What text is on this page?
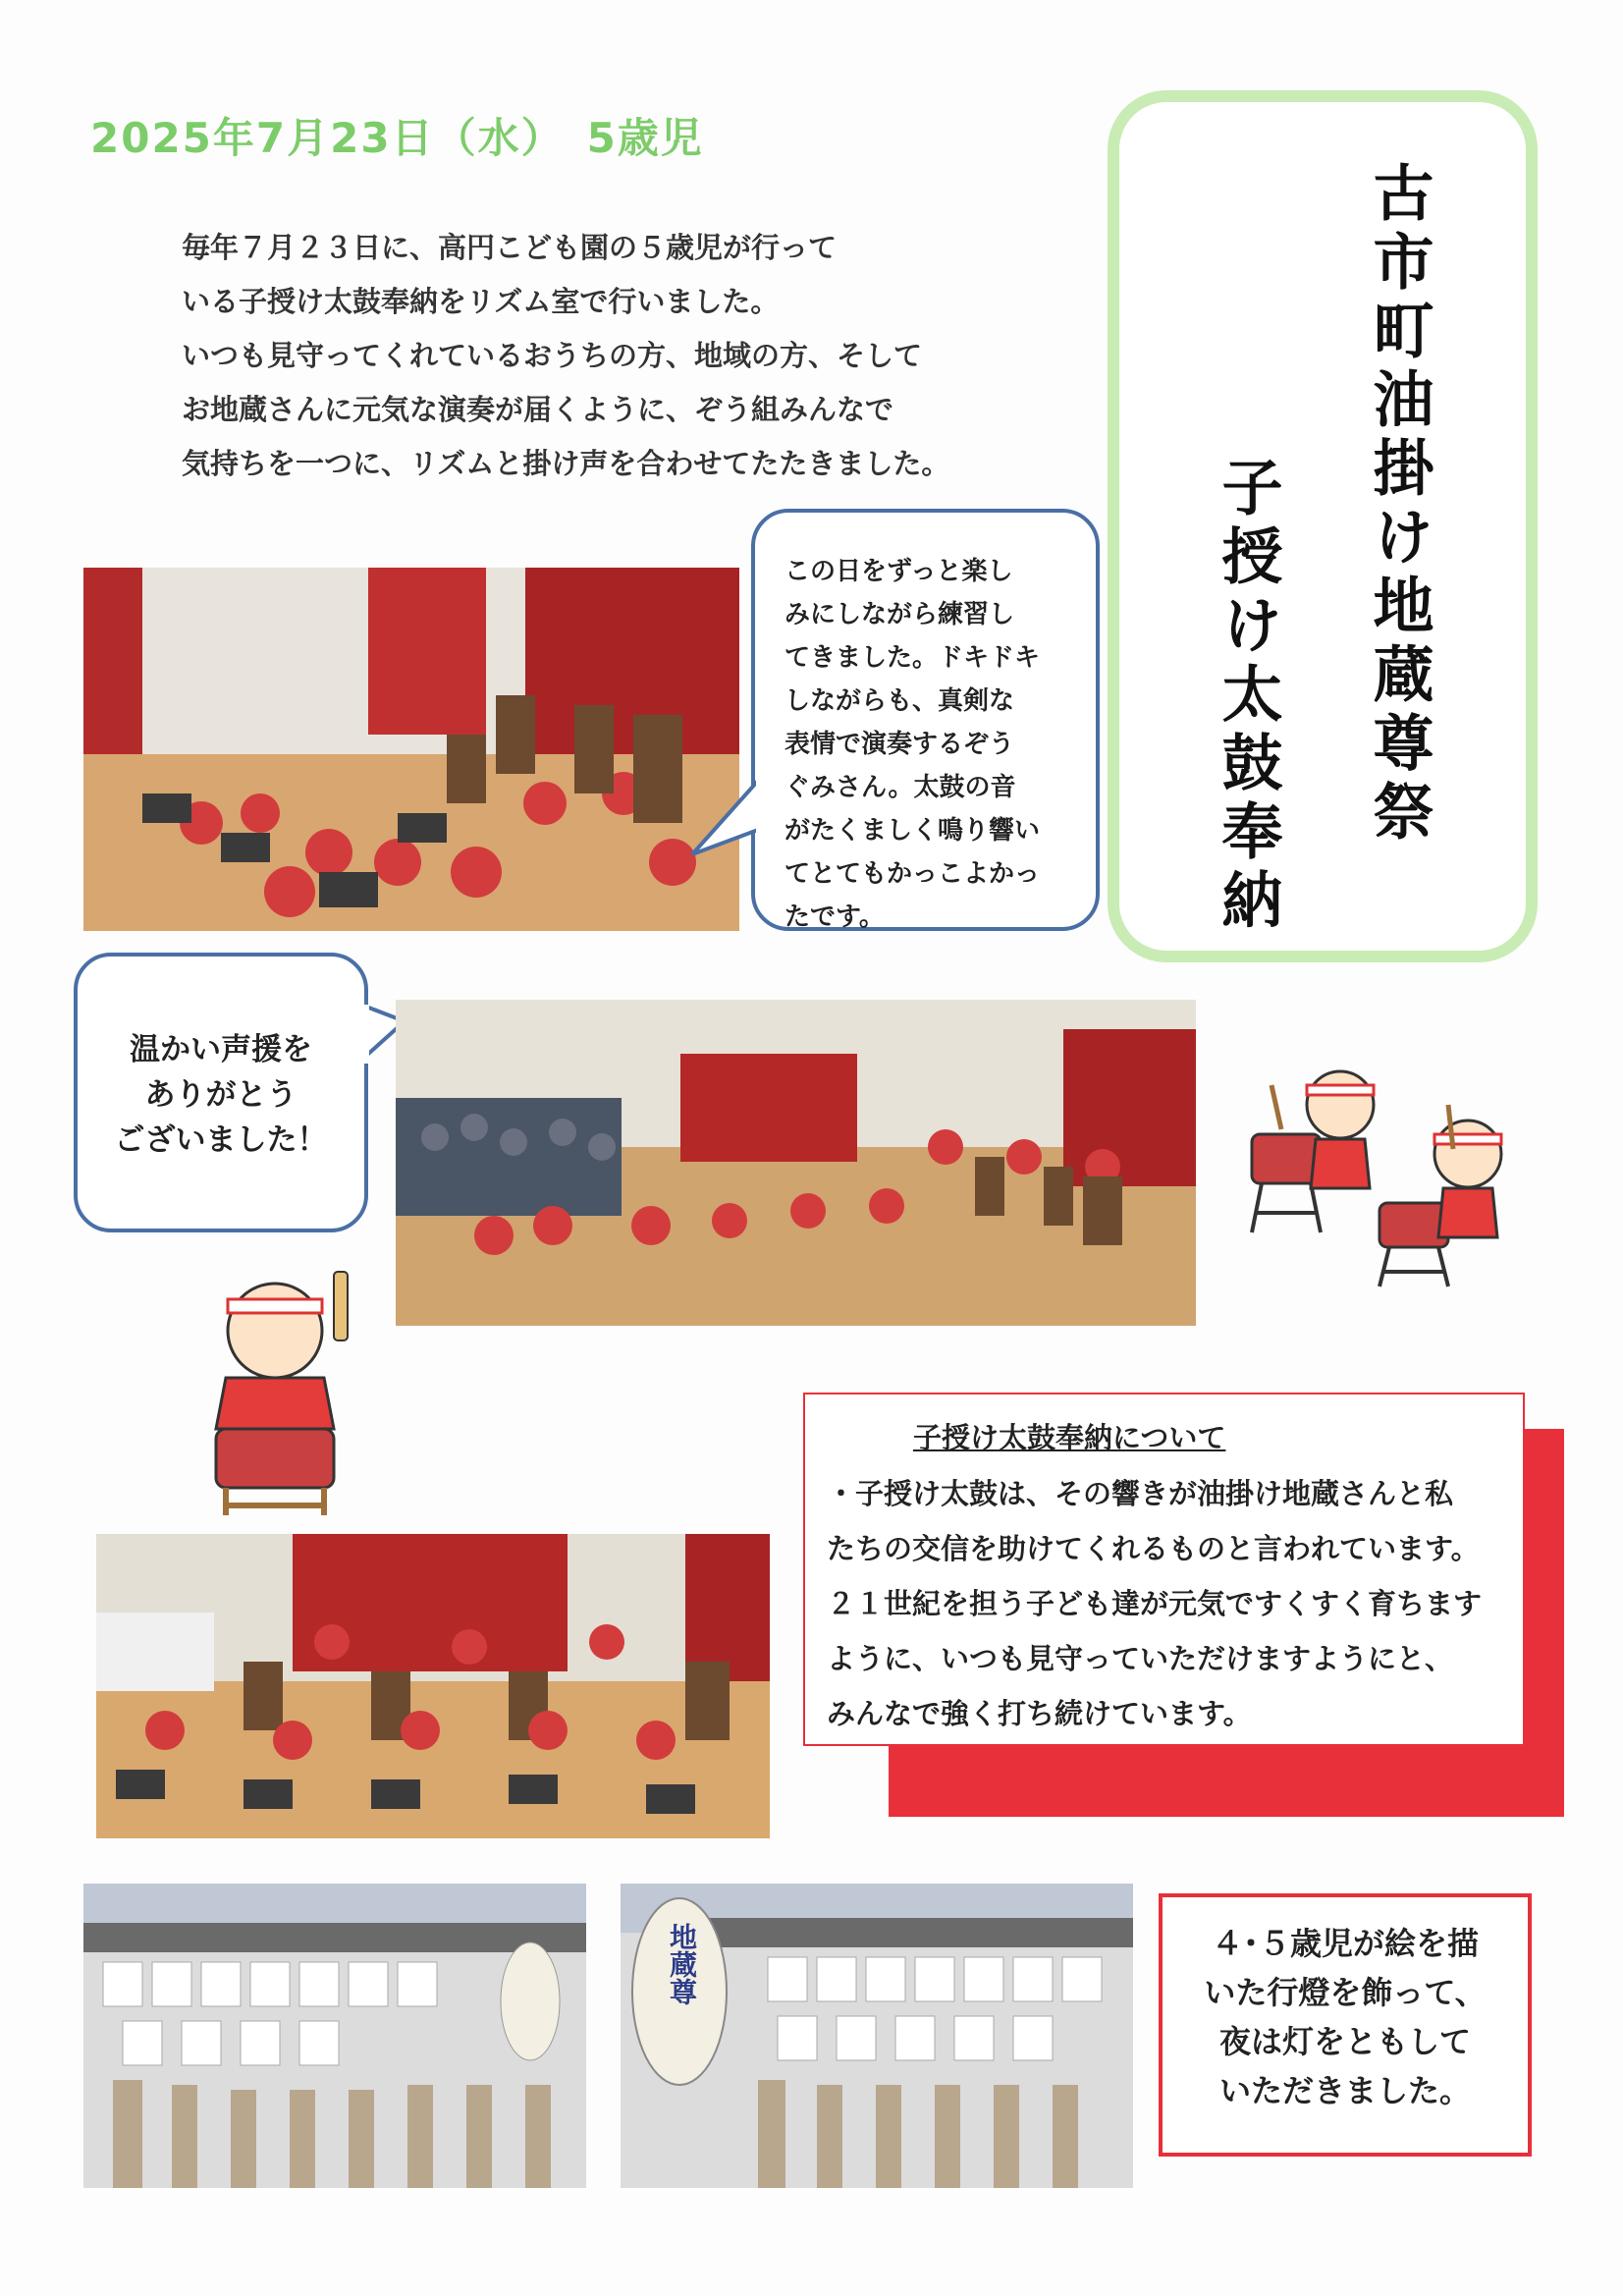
2025年7月23日（水）　5歳児

毎年７月２３日に、高円こども園の５歳児が行って

いる子授け太鼓奉納をリズム室で行いました。

いつも見守ってくれているおうちの方、地域の方、そして

お地蔵さんに元気な演奏が届くように、ぞう組みんなで

気持ちを一つに、リズムと掛け声を合わせてたたきました。	古市町油掛け地蔵尊祭
子授け太鼓奉納
この日をずっと楽し
みにしながら練習し
てきました。ドキドキ
しながらも、真剣な
表情で演奏するぞう
ぐみさん。太鼓の音
がたくましく鳴り響い
てとてもかっこよかっ
たです。
温かい声援を
ありがとう
ございました！
子授け太鼓奉納について

・子授け太鼓は、その響きが油掛け地蔵さんと私

たちの交信を助けてくれるものと言われています。

２１世紀を担う子ども達が元気ですくすく育ちます

ように、いつも見守っていただけますようにと、

みんなで強く打ち続けています。

地蔵尊	４･５歳児が絵を描
いた行燈を飾って、
夜は灯をともして
いただきました。
